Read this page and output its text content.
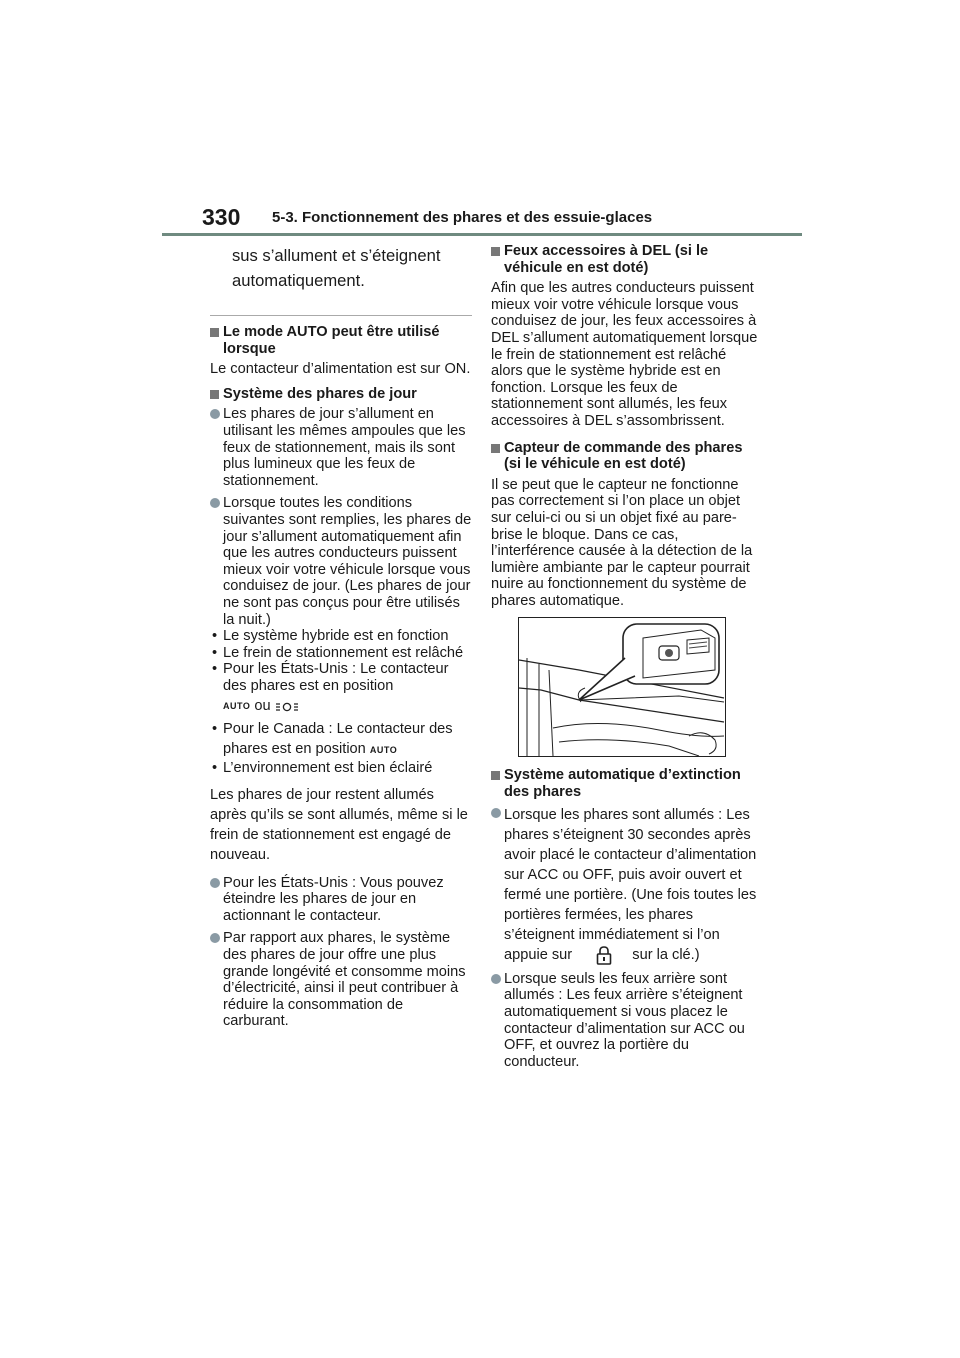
330 5-3. Fonctionnement des phares et des essuie-glaces
sus s’allument et s’éteignent automatiquement.
Le mode AUTO peut être utilisé lorsque
Le contacteur d’alimentation est sur ON.
Système des phares de jour
Les phares de jour s’allument en utilisant les mêmes ampoules que les feux de stationnement, mais ils sont plus lumineux que les feux de stationnement.
Lorsque toutes les conditions suivantes sont remplies, les phares de jour s’allument automatiquement afin que les autres conducteurs puissent mieux voir votre véhicule lorsque vous conduisez de jour. (Les phares de jour ne sont pas conçus pour être utilisés la nuit.)
• Le système hybride est en fonction
• Le frein de stationnement est relâché
• Pour les États-Unis : Le contacteur des phares est en position
AUTO ou
• Pour le Canada : Le contacteur des phares est en position AUTO
• L’environnement est bien éclairé
Les phares de jour restent allumés après qu’ils se sont allumés, même si le frein de stationnement est engagé de nouveau.
Pour les États-Unis : Vous pouvez éteindre les phares de jour en actionnant le contacteur.
Par rapport aux phares, le système des phares de jour offre une plus grande longévité et consomme moins d’électricité, ainsi il peut contribuer à réduire la consommation de carburant.
Feux accessoires à DEL (si le véhicule en est doté)
Afin que les autres conducteurs puissent mieux voir votre véhicule lorsque vous conduisez de jour, les feux accessoires à DEL s’allument automatiquement lorsque le frein de stationnement est relâché alors que le système hybride est en fonction. Lorsque les feux de stationnement sont allumés, les feux accessoires à DEL s’assombrissent.
Capteur de commande des phares (si le véhicule en est doté)
Il se peut que le capteur ne fonctionne pas correctement si l’on place un objet sur celui-ci ou si un objet fixé au pare-brise le bloque. Dans ce cas, l’interférence causée à la détection de la lumière ambiante par le capteur pourrait nuire au fonctionnement du système de phares automatique.
Système automatique d’extinction des phares
Lorsque les phares sont allumés : Les phares s’éteignent 30 secondes après avoir placé le contacteur d’alimentation sur ACC ou OFF, puis avoir ouvert et fermé une portière. (Une fois toutes les portières fermées, les phares s’éteignent immédiatement si l’on
appuie sur	sur la clé.)
Lorsque seuls les feux arrière sont allumés : Les feux arrière s’éteignent automatiquement si vous placez le contacteur d’alimentation sur ACC ou OFF, et ouvrez la portière du conducteur.
